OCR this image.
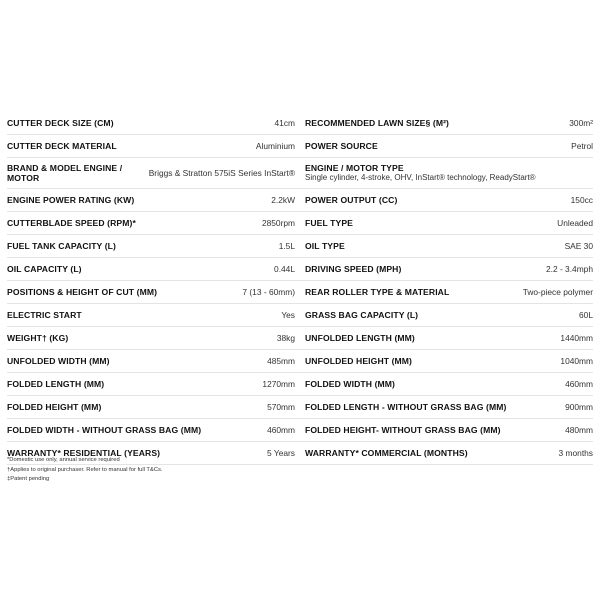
CUTTER DECK SIZE (CM)	41cm RECOMMENDED LAWN SIZE§ (M²)	300m²
CUTTER DECK MATERIAL	Aluminium POWER SOURCE	Petrol
BRAND & MODEL ENGINE / MOTOR	Briggs & Stratton 575iS Series InStart® ENGINE / MOTOR TYPE
Single cylinder, 4-stroke, OHV, InStart® technology, ReadyStart®
ENGINE POWER RATING (KW)	2.2kW POWER OUTPUT (CC)	150cc
CUTTERBLADE SPEED (RPM)*	2850rpm FUEL TYPE	Unleaded
FUEL TANK CAPACITY (L)	1.5L OIL TYPE	SAE 30
OIL CAPACITY (L)	0.44L DRIVING SPEED (MPH)	2.2 - 3.4mph
POSITIONS & HEIGHT OF CUT (MM)	7 (13 - 60mm) REAR ROLLER TYPE & MATERIAL	Two-piece polymer
ELECTRIC START	Yes GRASS BAG CAPACITY (L)	60L
WEIGHT† (KG)	38kg UNFOLDED LENGTH (MM)	1440mm
UNFOLDED WIDTH (MM)	485mm UNFOLDED HEIGHT (MM)	1040mm
FOLDED LENGTH (MM)	1270mm FOLDED WIDTH (MM)	460mm
FOLDED HEIGHT (MM)	570mm FOLDED LENGTH - WITHOUT GRASS BAG (MM)	900mm
FOLDED WIDTH - WITHOUT GRASS BAG (MM)	460mm FOLDED HEIGHT- WITHOUT GRASS BAG (MM)	480mm
WARRANTY* RESIDENTIAL (YEARS)	5 Years WARRANTY* COMMERCIAL (MONTHS)	3 months
*Domestic use only, annual service required
†Applies to original purchaser. Refer to manual for full T&Cs.
‡Patent pending
